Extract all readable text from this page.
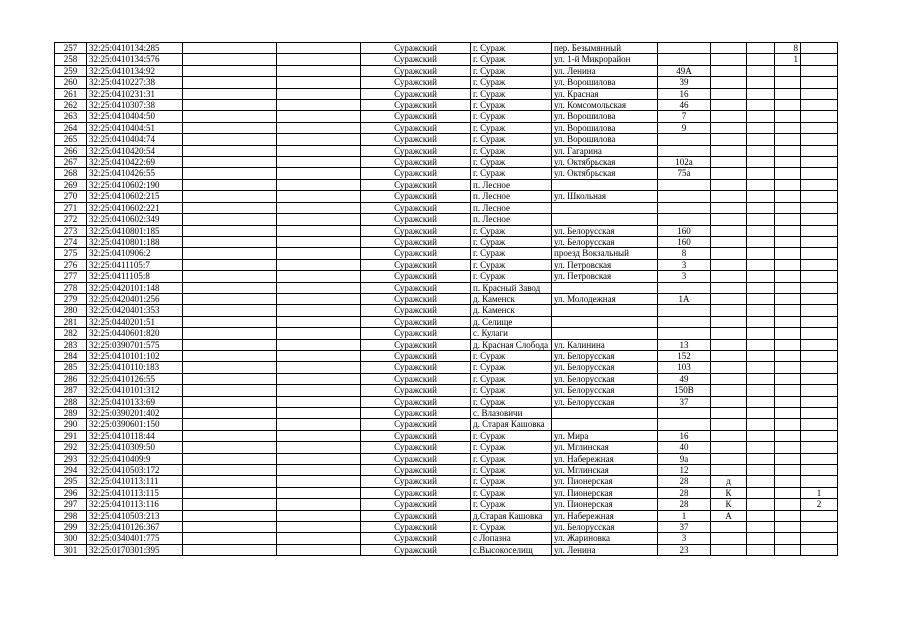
257	32:25:0410134:285			Суражский	г. Сураж	пер. Безымянный				8	
258	32:25:0410134:576			Суражский	г. Сураж	ул. 1-й Микрорайон				1	
259	32:25:0410134:92			Суражский	г. Сураж	ул. Ленина	49А				
260	32:25:0410227:38			Суражский	г. Сураж	ул. Ворошилова	39				
261	32:25:0410231:31			Суражский	г. Сураж	ул. Красная	16				
262	32:25:0410307:38			Суражский	г. Сураж	ул. Комсомольская	46				
263	32:25:0410404:50			Суражский	г. Сураж	ул. Ворошилова	7				
264	32:25:0410404:51			Суражский	г. Сураж	ул. Ворошилова	9				
265	32:25:0410404:74			Суражский	г. Сураж	ул. Ворошилова					
266	32:25:0410420:54			Суражский	г. Сураж	ул. Гагарина					
267	32:25:0410422:69			Суражский	г. Сураж	ул. Октябрьская	102а				
268	32:25:0410426:55			Суражский	г. Сураж	ул. Октябрьская	75а				
269	32:25:0410602:190			Суражский	п. Лесное						
270	32:25:0410602:215			Суражский	п. Лесное	ул. Школьная					
271	32:25:0410602:221			Суражский	п. Лесное						
272	32:25:0410602:349			Суражский	п. Лесное						
273	32:25:0410801:185			Суражский	г. Сураж	ул. Белорусская	160				
274	32:25:0410801:188			Суражский	г. Сураж	ул. Белорусская	160				
275	32:25:0410906:2			Суражский	г. Сураж	проезд Вокзальный	8				
276	32:25:0411105:7			Суражский	г. Сураж	ул. Петровская	3				
277	32:25:0411105:8			Суражский	г. Сураж	ул. Петровская	3				
278	32:25:0420101:148			Суражский	п. Красный Завод						
279	32:25:0420401:256			Суражский	д. Каменск	ул. Молодежная	1А				
280	32:25:0420401:353			Суражский	д. Каменск						
281	32:25:0440201:51			Суражский	д. Селище						
282	32:25:0440601:820			Суражский	с. Кулаги						
283	32:25:0390701:575			Суражский	д. Красная Слобода	ул. Калинина	13				
284	32:25:0410101:102			Суражский	г. Сураж	ул. Белорусская	152				
285	32:25:0410110:183			Суражский	г. Сураж	ул. Белорусская	103				
286	32:25:0410126:55			Суражский	г. Сураж	ул. Белорусская	49				
287	32:25:0410101:312			Суражский	г. Сураж	ул. Белорусская	150В				
288	32:25:0410133:69			Суражский	г. Сураж	ул. Белорусская	37				
289	32:25:0390201:402			Суражский	с. Влазовичи						
290	32:25:0390601:150			Суражский	д. Старая Кашовка						
291	32:25:0410118:44			Суражский	г. Сураж	ул. Мира	16				
292	32:25:0410309:50			Суражский	г. Сураж	ул. Мглинская	40				
293	32:25:0410409:9			Суражский	г. Сураж	ул. Набережная	9а				
294	32:25:0410503:172			Суражский	г. Сураж	ул. Мглинская	12				
295	32:25:0410113:111			Суражский	г. Сураж	ул. Пионерская	28	д			
296	32:25:0410113:115			Суражский	г. Сураж	ул. Пионерская	28	К			1
297	32:25:0410113:116			Суражский	г. Сураж	ул. Пионерская	28	К			2
298	32:25:0410503:213			Суражский	д.Старая Кашовка	ул. Набережная	1	А			
299	32:25:0410126:367			Суражский	г. Сураж	ул. Белорусская	37				
300	32:25:0340401:775			Суражский	с Лопазна	ул. Жариновка	3				
301	32:25:0170301:395			Суражский	с.Высокоселищ	ул. Ленина	23				
